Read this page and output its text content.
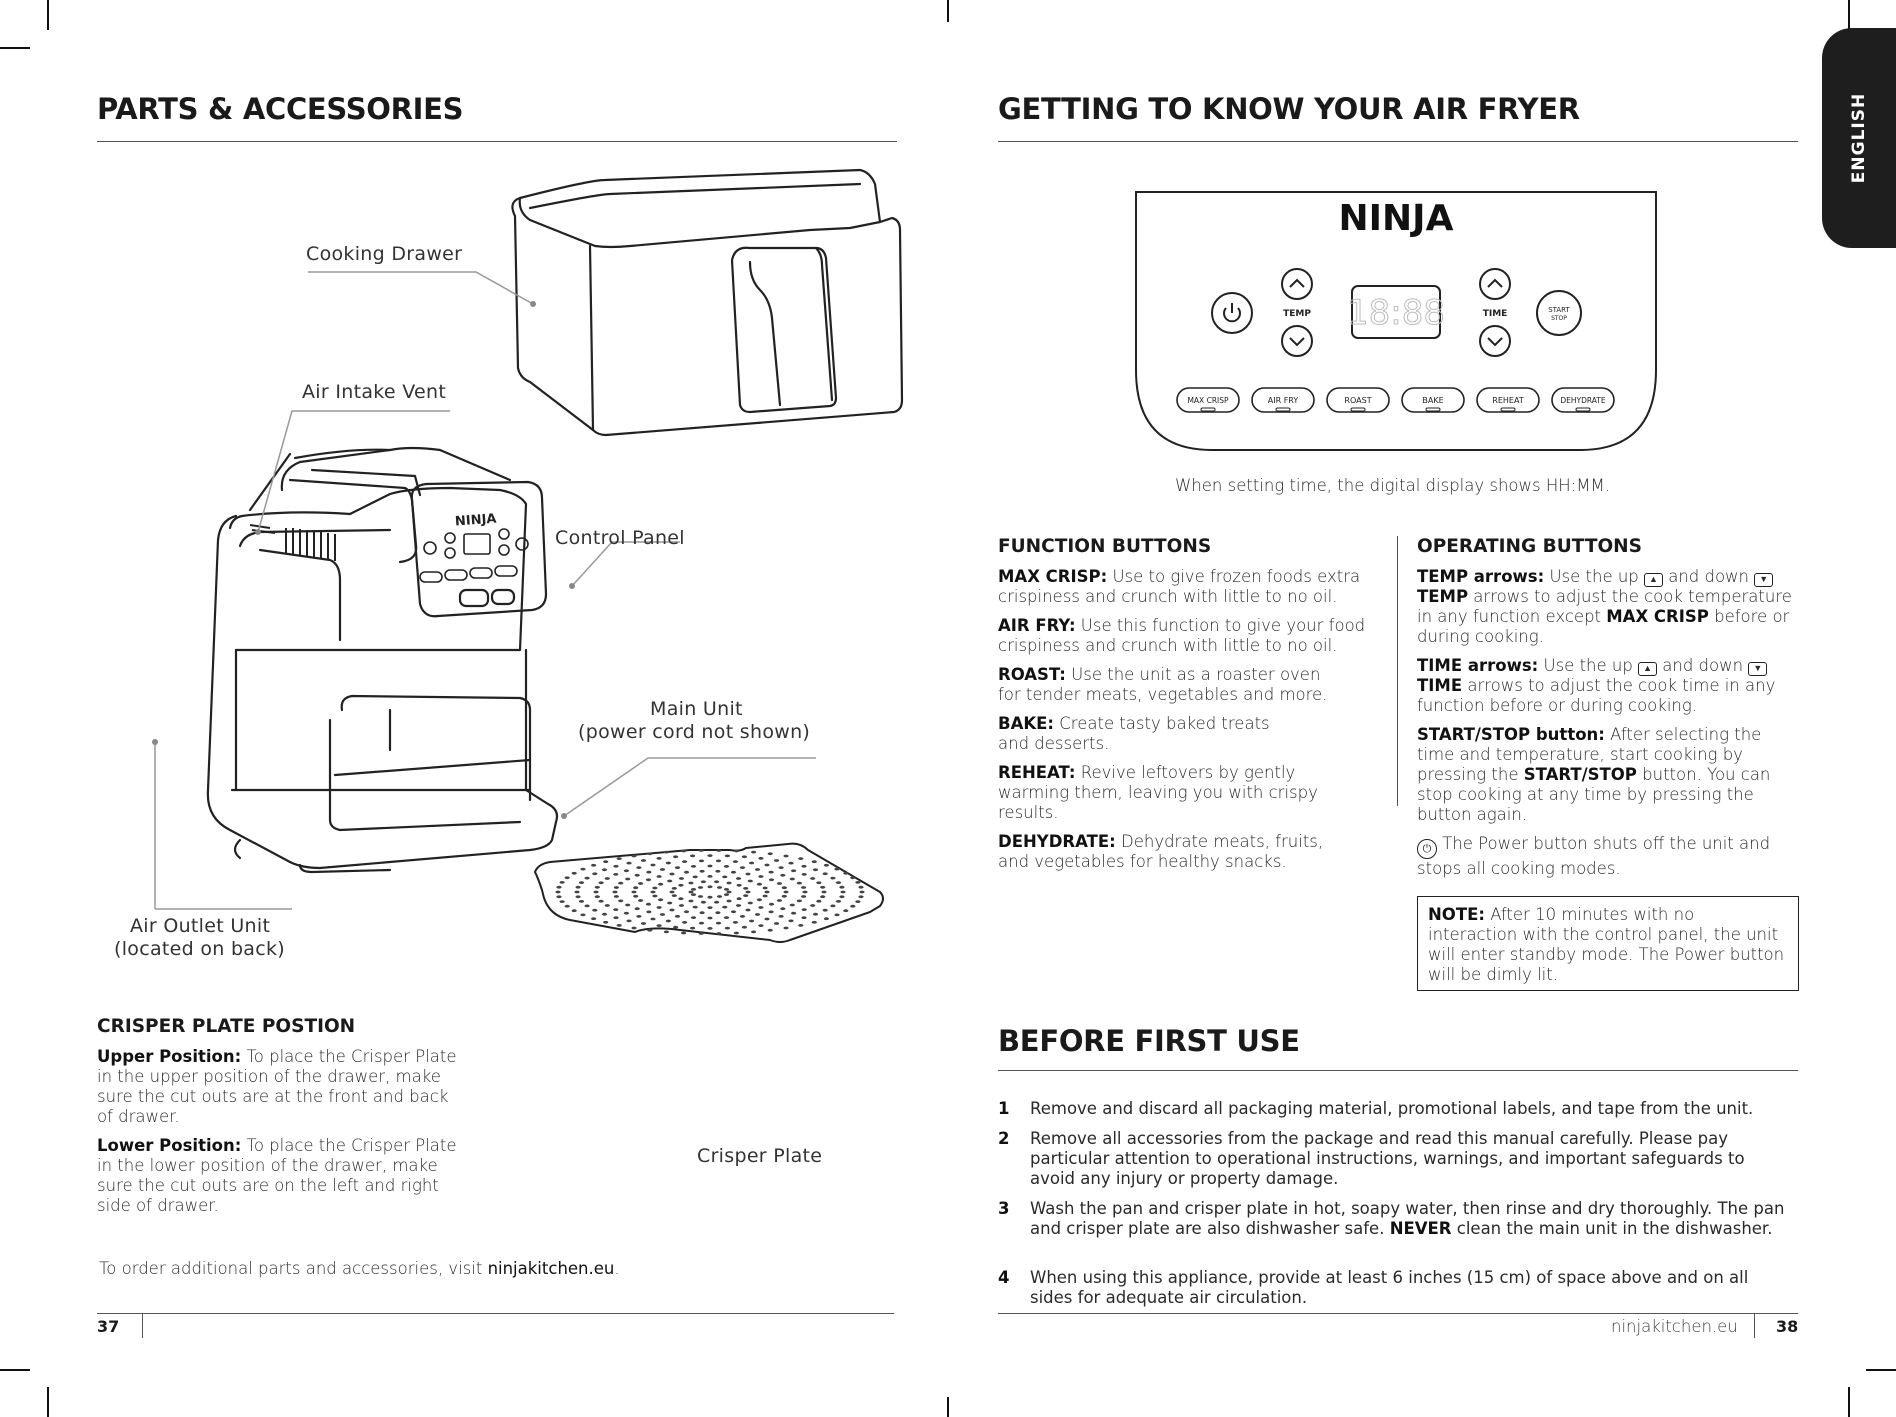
ENGLISH
PARTS & ACCESSORIES
NINJA
Cooking Drawer
Air Intake Vent
Control Panel
Main Unit
(power cord not shown)
Air Outlet Unit
(located on back)
Crisper Plate
CRISPER PLATE POSTION

Upper Position: To place the Crisper Plate in the upper position of the drawer, make sure the cut outs are at the front and back of drawer.

Lower Position: To place the Crisper Plate in the lower position of the drawer, make sure the cut outs are on the left and right side of drawer.

To order additional parts and accessories, visit ninjakitchen.eu.
37
GETTING TO KNOW YOUR AIR FRYER
NINJA
TEMP 18:88	TIME	START
STOP
MAX CRISP	AIR FRY	ROAST	BAKE	REHEAT	DEHYDRATE
When setting time, the digital display shows HH:MM.
FUNCTION BUTTONS

MAX CRISP: Use to give frozen foods extra crispiness and crunch with little to no oil.

AIR FRY: Use this function to give your food crispiness and crunch with little to no oil.

ROAST: Use the unit as a roaster oven for tender meats, vegetables and more.

BAKE: Create tasty baked treats and desserts.

REHEAT: Revive leftovers by gently warming them, leaving you with crispy results.

DEHYDRATE: Dehydrate meats, fruits, and vegetables for healthy snacks.

OPERATING BUTTONS

TEMP arrows: Use the up ▲ and down ▼ TEMP arrows to adjust the cook temperature in any function except MAX CRISP before or during cooking.

TIME arrows: Use the up ▲ and down ▼ TIME arrows to adjust the cook time in any function before or during cooking.

START/STOP button: After selecting the time and temperature, start cooking by pressing the START/STOP button. You can stop cooking at any time by pressing the button again.

⏻ The Power button shuts off the unit and stops all cooking modes.

NOTE: After 10 minutes with no interaction with the control panel, the unit will enter standby mode. The Power button will be dimly lit.

BEFORE FIRST USE
1 Remove and discard all packaging material, promotional labels, and tape from the unit.
2 Remove all accessories from the package and read this manual carefully. Please pay particular attention to operational instructions, warnings, and important safeguards to avoid any injury or property damage.
3 Wash the pan and crisper plate in hot, soapy water, then rinse and dry thoroughly. The pan and crisper plate are also dishwasher safe. NEVER clean the main unit in the dishwasher.
4 When using this appliance, provide at least 6 inches (15 cm) of space above and on all sides for adequate air circulation.
ninjakitchen.eu 38
